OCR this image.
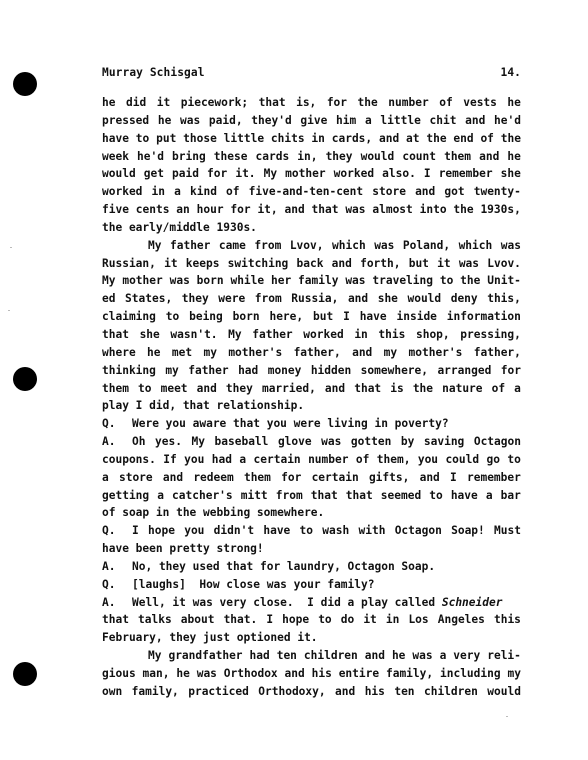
Murray Schisgal	14.
he did it piecework; that is, for the number of vests he
pressed he was paid, they'd give him a little chit and he'd
have to put those little chits in cards, and at the end of the
week he'd bring these cards in, they would count them and he
would get paid for it. My mother worked also. I remember she
worked in a kind of five-and-ten-cent store and got twenty-
five cents an hour for it, and that was almost into the 1930s,
the early/middle 1930s.
My father came from Lvov, which was Poland, which was
Russian, it keeps switching back and forth, but it was Lvov.
My mother was born while her family was traveling to the Unit-
ed States, they were from Russia, and she would deny this,
claiming to being born here, but I have inside information
that she wasn't. My father worked in this shop, pressing,
where he met my mother's father, and my mother's father,
thinking my father had money hidden somewhere, arranged for
them to meet and they married, and that is the nature of a
play I did, that relationship.
Q. Were you aware that you were living in poverty?
A. Oh yes. My baseball glove was gotten by saving Octagon
coupons. If you had a certain number of them, you could go to
a store and redeem them for certain gifts, and I remember
getting a catcher's mitt from that that seemed to have a bar
of soap in the webbing somewhere.
Q. I hope you didn't have to wash with Octagon Soap! Must
have been pretty strong!
A. No, they used that for laundry, Octagon Soap.
Q. [laughs]  How close was your family?
A. Well, it was very close.  I did a play called Schneider
that talks about that. I hope to do it in Los Angeles this
February, they just optioned it.
My grandfather had ten children and he was a very reli-
gious man, he was Orthodox and his entire family, including my
own family, practiced Orthodoxy, and his ten children would
